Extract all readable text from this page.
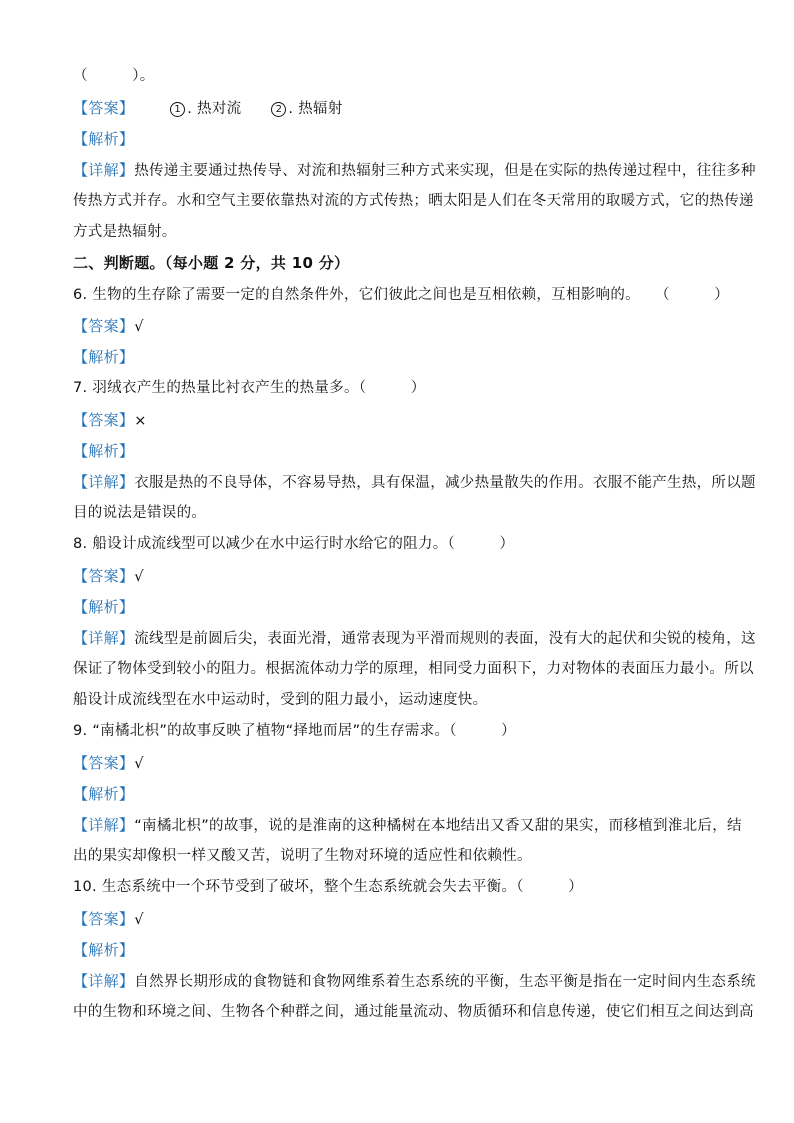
（　　　）。
【答案】	1 . 热对流	2 . 热辐射
【解析】
【详解】热传递主要通过热传导、对流和热辐射三种方式来实现，但是在实际的热传递过程中，往往多种
传热方式并存。水和空气主要依靠热对流的方式传热；晒太阳是人们在冬天常用的取暖方式，它的热传递
方式是热辐射。
二、判断题。（每小题 2 分，共 10 分）
6. 生物的生存除了需要一定的自然条件外，它们彼此之间也是互相依赖，互相影响的。　　（　　　）
【答案】√
【解析】
7. 羽绒衣产生的热量比衬衣产生的热量多。（　　　）
【答案】×
【解析】
【详解】衣服是热的不良导体，不容易导热，具有保温，减少热量散失的作用。衣服不能产生热，所以题
目的说法是错误的。
8. 船设计成流线型可以减少在水中运行时水给它的阻力。（　　　）
【答案】√
【解析】
【详解】流线型是前圆后尖，表面光滑，通常表现为平滑而规则的表面，没有大的起伏和尖锐的棱角，这
保证了物体受到较小的阻力。根据流体动力学的原理，相同受力面积下，力对物体的表面压力最小。所以
船设计成流线型在水中运动时，受到的阻力最小，运动速度快。
9. “南橘北枳”的故事反映了植物“择地而居”的生存需求。（　　　）
【答案】√
【解析】
【详解】“南橘北枳”的故事，说的是淮南的这种橘树在本地结出又香又甜的果实，而移植到淮北后，结
出的果实却像枳一样又酸又苦，说明了生物对环境的适应性和依赖性。
10. 生态系统中一个环节受到了破坏，整个生态系统就会失去平衡。（　　　）
【答案】√
【解析】
【详解】自然界长期形成的食物链和食物网维系着生态系统的平衡，生态平衡是指在一定时间内生态系统
中的生物和环境之间、生物各个种群之间，通过能量流动、物质循环和信息传递，使它们相互之间达到高
